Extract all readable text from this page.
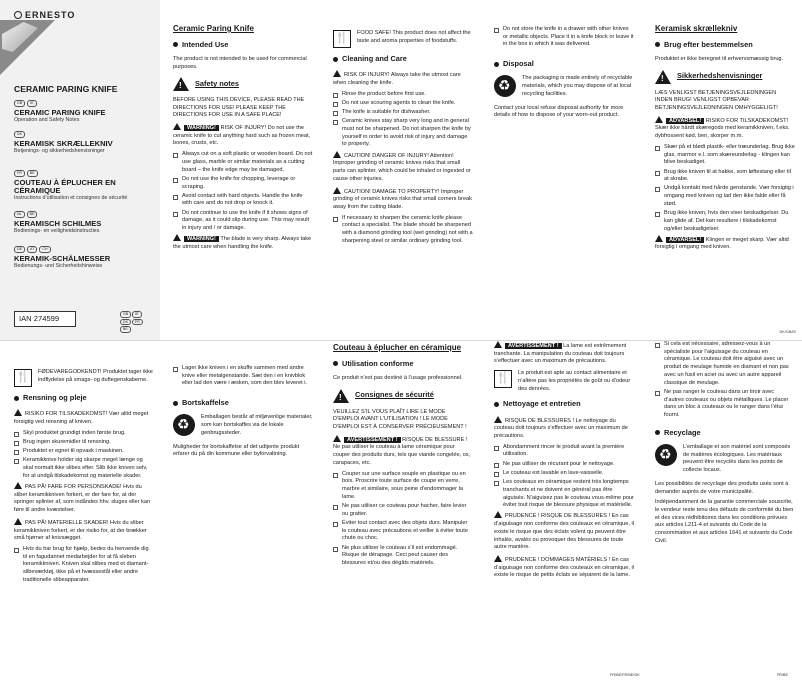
ERNESTO
CERAMIC PARING KNIFE
GB	IE
CERAMIC PARING KNIFE
Operation and Safety Notes
DK
KERAMISK SKRÆLLEKNIV
Betjenings- og sikkerhedshenvisninger
FR	BE
COUTEAU À ÉPLUCHER EN CÉRAMIQUE
Instructions d’utilisation et consignes de sécurité
NL	BE
KERAMISCH SCHILMES
Bedienings- en veiligheidsinstructies
DE	AT	CH
KERAMIK-SCHÄLMESSER
Bedienungs- und Sicherheitshinweise
IAN 274599	GB	IE
DK	FR
BE
Ceramic Paring Knife
Intended Use

The product is not intended to be used for commercial purposes.

!
Safety notes

BEFORE USING THIS DEVICE, PLEASE READ THE DIRECTIONS FOR USE! PLEASE KEEP THE DIRECTIONS FOR USE IN A SAFE PLACE!

WARNING! RISK OF INJURY! Do not use the ceramic knife to cut anything hard such as frozen meat, bones, crusts, etc.

Always cut on a soft plastic or wooden board. Do not use glass, marble or similar materials as a cutting board – the knife edge may be damaged.
Do not use the knife for chopping, leverage or scraping.
Avoid contact with hard objects. Handle the knife with care and do not drop or knock it.
Do not continue to use the knife if it shows signs of damage, as it could slip during use. This may result in injury and / or damage.

WARNING! The blade is very sharp. Always take the utmost care when handling the knife.

🍴	FOOD SAFE! This product does not affect the taste and aroma properties of foodstuffs.
Cleaning and Care

RISK OF INJURY! Always take the utmost care when cleaning the knife.

Rinse the product before first use.
Do not use scouring agents to clean the knife.
The knife is suitable for dishwasher.
Ceramic knives stay sharp very long and in general must not be sharpened. Do not sharpen the knife by yourself in order to avoid risk of injury and damage to property.

CAUTION! DANGER OF INJURY! Attention! Improper grinding of ceramic knives risks that small parts can splinter, which could be inhaled or ingested or cause other injuries.

CAUTION! DAMAGE TO PROPERTY! Improper grinding of ceramic knives risks that small corners break away from the cutting blade.

If necessary to sharpen the ceramic knife please contact a specialist. The blade should be sharpened with a diamond grinding tool (wet grinding) not with a sharpening steel or similar ordinary grinding tool.
Do not store the knife in a drawer with other knives or metallic objects. Place it in a knife block or leave it in the box in which it was delivered.
Disposal
♻
The packaging is made entirely of recyclable materials, which you may dispose of at local recycling facilities.

Contact your local refuse disposal authority for more details of how to dispose of your worn-out product.

Keramisk skrællekniv
Brug efter bestemmelsen

Produktet er ikke beregnet til erhvervsmæssig brug.

!
Sikkerhedshenvisninger

LÆS VENLIGST BETJENINGSVEJLEDNINGEN INDEN BRUG! VENLIGST OPBEVAR BETJENINGSVEJLEDNINGEN OMHYGGELIGT!

ADVARSEL! RISIKO FOR TILSKADEKOMST! Skær ikke hårdt skæregods med keramikkniven, f.eks. dybfrossent kød, ben, skorper m.m.

Skær på et blødt plastik- eller træunderlag. Brug ikke glas, marmor e.l. som skæreunderlag - klingen kan blive beskadiget.
Brug ikke kniven til at hakke, som løftestang eller til at skrabe.
Undgå kontakt med hårde genstande. Vær forsigtig i omgang med kniven og lad den ikke falde eller få stød.
Brug ikke kniven, hvis den viser beskadigelser. Du kan glide af. Det kan resultere i tilskadekomst og/eller beskadigelser.

ADVARSEL! Klingen er meget skarp. Vær altid forsigtig i omgang med kniven.

DK/GB/IE
🍴	FØDEVAREGODKENDT! Produktet tager ikke indflydelse på smags- og duftegenskaberne.
Rensning og pleje

RISIKO FOR TILSKADEKOMST! Vær altid meget forsigtig ved rensning af kniven.

Skyl produktet grundigt inden første brug.
Brug ingen skuremidler til rensning.
Produktet er egnet til opvask i maskinen.
Keramikknive holder sig skarpe meget længe og skal normalt ikke slibes efter. Slib ikke kniven selv, for at undgå tilskadekomst og materielle skader.

PAS PÅ! FARE FOR PERSONSKADE! Hvis du sliber keramikkniven forkert, er der fare for, at der springer splinter af, som indåndes hhv. sluges eller kan føre til andre kvæstelser.

PAS PÅ! MATERIELLE SKADER! Hvis du sliber keramikkniven forkert, er der risiko for, at der brækker små hjørner af knivsægget.

Hvis du har brug for hjælp, bedes du henvende dig til en fagudannet medarbejder for at få sleben keramikkniven. Kniven skal slibes med et diamant-slibeværktøj, ikke på et hvæssestål eller andre traditionelle slibeapparater.
Lager ikke kniven i en skuffe sammen med andre knive eller metalgenstande. Sæt den i en knivblok eller lad den være i æsken, som den blev leveret i.
Bortskaffelse
♻
Emballagen består af miljøvenlige materialer, som kan bortskaffes via de lokale genbrugssteder.

Muligheder for bortskaffelse af det udtjente produkt erfarer du på din kommune eller byforvaltning.

Couteau à éplucher en céramique
Utilisation conforme

Ce produit n’est pas destiné à l’usage professionnel.

!
Consignes de sécurité

VEUILLEZ S’IL VOUS PLAÎT LIRE LE MODE D’EMPLOI AVANT L’UTILISATION ! LE MODE D’EMPLOI EST À CONSERVER PRÉCIEUSEMENT !

AVERTISSEMENT ! RISQUE DE BLESSURE ! Ne pas utiliser le couteau à lame céramique pour couper des produits durs, tels que viande congelée, os, carapaces, etc.

Couper sur une surface souple en plastique ou en bois. Proscrire toute surface de coupe en verre, marbre et similaire, sous peine d’endommager la lame.
Ne pas utiliser ce couteau pour hacher, faire levier ou gratter.
Éviter tout contact avec des objets durs. Manipuler le couteau avec précautions et veiller à éviter toute chute ou choc.
Ne plus utiliser le couteau s’il est endommagé. Risque de dérapage. Ceci peut causer des blessures et/ou des dégâts matériels.

AVERTISSEMENT ! La lame est extrêmement tranchante. La manipulation du couteau doit toujours s’effectuer avec un maximum de précautions.

🍴	Le produit est apte au contact alimentaire et n’altère pas les propriétés de goût ou d’odeur des denrées.
Nettoyage et entretien

RISQUE DE BLESSURES ! Le nettoyage du couteau doit toujours s’effectuer avec un maximum de précautions.

Abondamment rincer le produit avant la première utilisation.
Ne pas utiliser de récurant pour le nettoyage.
Le couteau est lavable en lave-vaisselle.
Les couteaux en céramique restent très longtemps tranchants et ne doivent en général pas être aiguisés. N’aiguisez pas le couteau vous-même pour éviter tout risque de blessure physique et matérielle.

PRUDENCE ! RISQUE DE BLESSURES ! En cas d’aiguisage non conforme des couteaux en céramique, il existe le risque que des éclats volent qu peuvent être inhalés, avalés ou provoquer des blessures de toute autre manière.

PRUDENCE ! DOMMAGES MATÉRIELS ! En cas d’aiguisage non conforme des couteaux en céramique, il existe le risque de petits éclats se séparent de la lame.

Si cela est nécessaire, adressez-vous à un spécialiste pour l’aiguisage du couteau en céramique. Le couteau doit être aiguisé avec un produit de meulage humide en diamant et non pas avec un fusil en acier ou avec un autre appareil classique de meulage.
Ne pas ranger le couteau dans un tiroir avec d’autres couteaux ou objets métalliques. Le placer dans un bloc à couteaux ou le ranger dans l’étui fourni.
Recyclage
♻
L’emballage et son matériel sont composés de matières écologiques. Les matériaux peuvent être recyclés dans les points de collecte locaux.

Les possibilités de recyclage des produits usés sont à demander auprès de votre municipalité.

Indépendamment de la garantie commerciale souscrite, le vendeur reste tenu des défauts de conformité du bien et des vices rédhibitoires dans les conditions prévues aux articles L211-4 et suivants du Code de la consommation et aux articles 1641 et suivants du Code Civil.

FR/BE/FR/BE/DK	FR/BE
